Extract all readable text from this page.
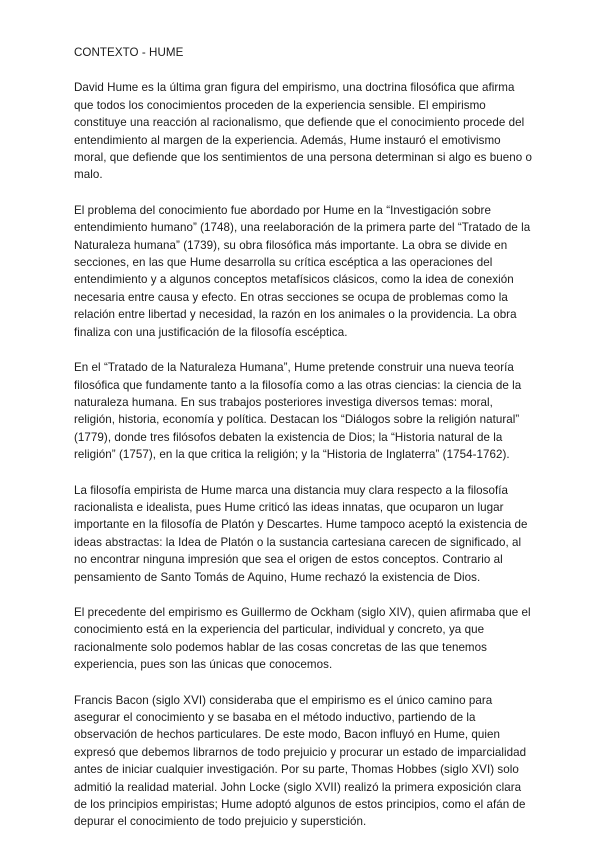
CONTEXTO - HUME

David Hume es la última gran figura del empirismo, una doctrina filosófica que afirma que todos los conocimientos proceden de la experiencia sensible. El empirismo constituye una reacción al racionalismo, que defiende que el conocimiento procede del entendimiento al margen de la experiencia. Además, Hume instauró el emotivismo moral, que defiende que los sentimientos de una persona determinan si algo es bueno o malo.

El problema del conocimiento fue abordado por Hume en la “Investigación sobre entendimiento humano” (1748), una reelaboración de la primera parte del “Tratado de la Naturaleza humana” (1739), su obra filosófica más importante. La obra se divide en secciones, en las que Hume desarrolla su crítica escéptica a las operaciones del entendimiento y a algunos conceptos metafísicos clásicos, como la idea de conexión necesaria entre causa y efecto. En otras secciones se ocupa de problemas como la relación entre libertad y necesidad, la razón en los animales o la providencia. La obra finaliza con una justificación de la filosofía escéptica.

En el “Tratado de la Naturaleza Humana”, Hume pretende construir una nueva teoría filosófica que fundamente tanto a la filosofía como a las otras ciencias: la ciencia de la naturaleza humana. En sus trabajos posteriores investiga diversos temas: moral, religión, historia, economía y política. Destacan los “Diálogos sobre la religión natural” (1779), donde tres filósofos debaten la existencia de Dios; la “Historia natural de la religión” (1757), en la que critica la religión; y la “Historia de Inglaterra” (1754-1762).

La filosofía empirista de Hume marca una distancia muy clara respecto a la filosofía racionalista e idealista, pues Hume criticó las ideas innatas, que ocuparon un lugar importante en la filosofía de Platón y Descartes. Hume tampoco aceptó la existencia de ideas abstractas: la Idea de Platón o la sustancia cartesiana carecen de significado, al no encontrar ninguna impresión que sea el origen de estos conceptos. Contrario al pensamiento de Santo Tomás de Aquino, Hume rechazó la existencia de Dios.

El precedente del empirismo es Guillermo de Ockham (siglo XIV), quien afirmaba que el conocimiento está en la experiencia del particular, individual y concreto, ya que racionalmente solo podemos hablar de las cosas concretas de las que tenemos experiencia, pues son las únicas que conocemos.

Francis Bacon (siglo XVI) consideraba que el empirismo es el único camino para asegurar el conocimiento y se basaba en el método inductivo, partiendo de la observación de hechos particulares. De este modo, Bacon influyó en Hume, quien expresó que debemos librarnos de todo prejuicio y procurar un estado de imparcialidad antes de iniciar cualquier investigación. Por su parte, Thomas Hobbes (siglo XVI) solo admitió la realidad material. John Locke (siglo XVII) realizó la primera exposición clara de los principios empiristas; Hume adoptó algunos de estos principios, como el afán de depurar el conocimiento de todo prejuicio y superstición.
